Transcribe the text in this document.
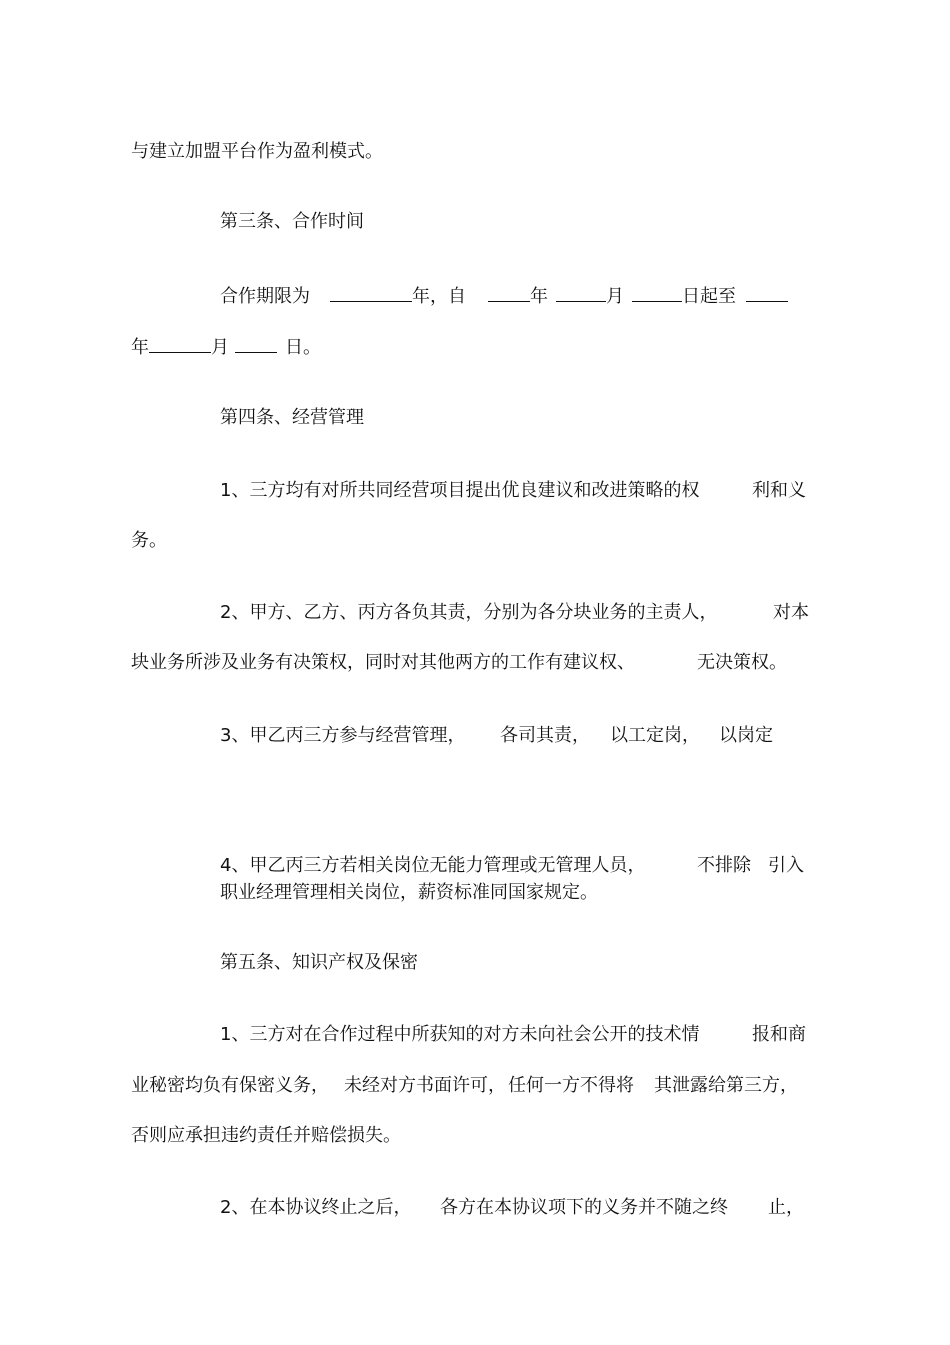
与建立加盟平台作为盈利模式。

第三条、合作时间

合作期限为	年，自	年	月	日起至

年	月	日。

第四条、经营管理

1、三方均有对所共同经营项目提出优良建议和改进策略的权	利和义

务。

2、甲方、乙方、丙方各负其责，分别为各分块业务的主责人，	对本

块业务所涉及业务有决策权，同时对其他两方的工作有建议权、	无决策权。

3、甲乙丙三方参与经营管理， 各司其责， 以工定岗， 以岗定

4、甲乙丙三方若相关岗位无能力管理或无管理人员，	不排除 引入

职业经理管理相关岗位，薪资标准同国家规定。

第五条、知识产权及保密

1、三方对在合作过程中所获知的对方未向社会公开的技术情	报和商

业秘密均负有保密义务， 未经对方书面许可， 任何一方不得将 其泄露给第三方，

否则应承担违约责任并赔偿损失。

2、在本协议终止之后， 各方在本协议项下的义务并不随之终 止，
